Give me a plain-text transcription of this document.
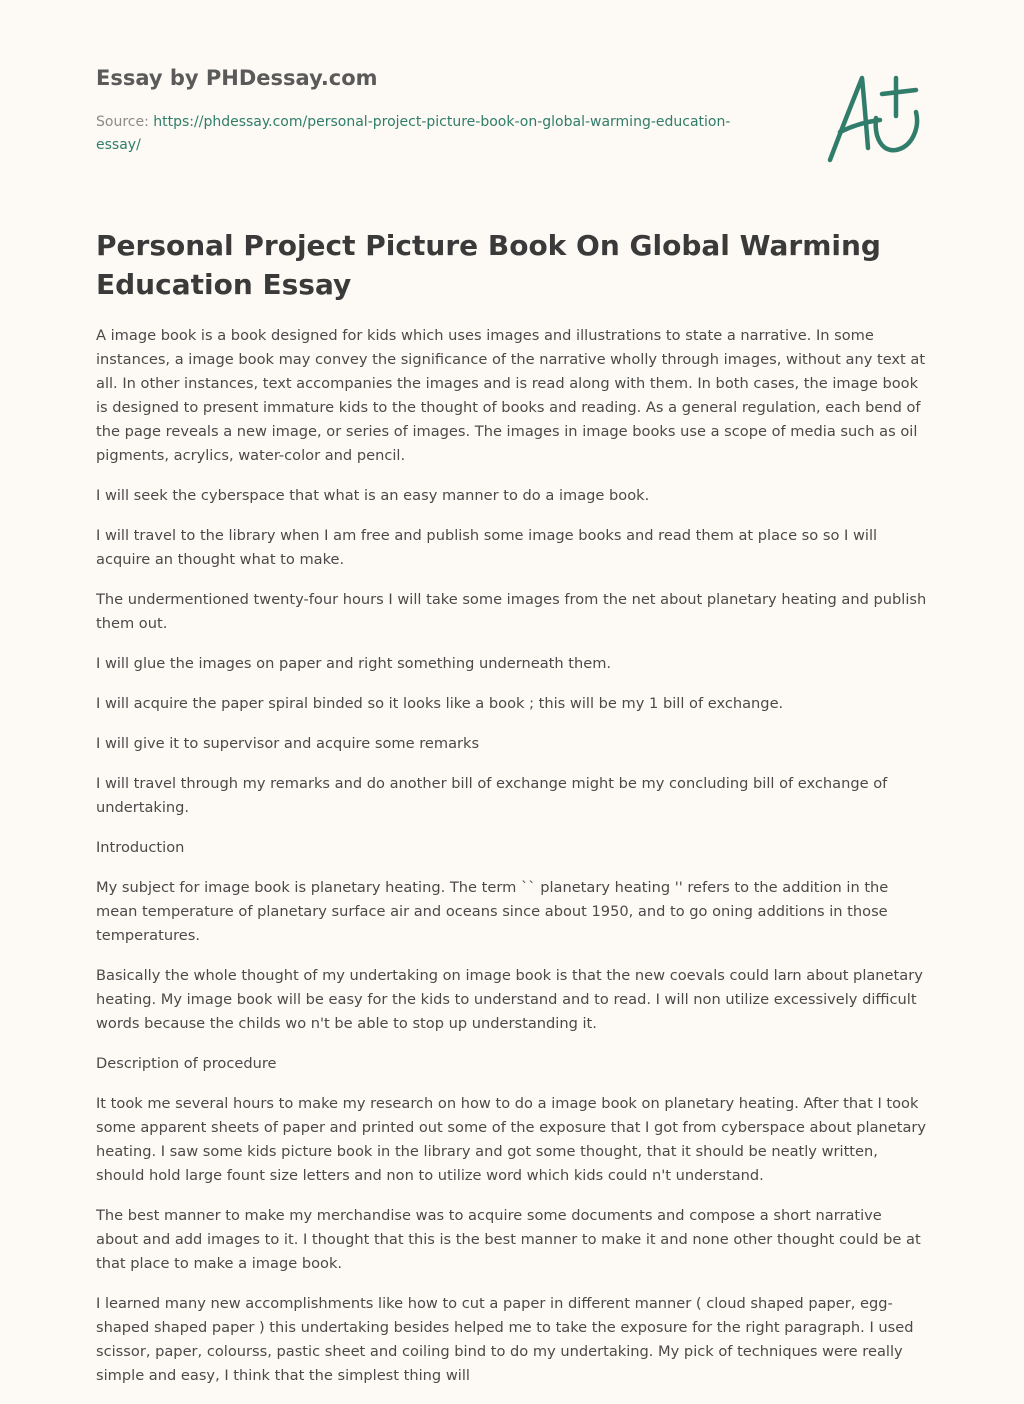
Essay by PHDessay.com
Source: https://phdessay.com/personal-project-picture-book-on-global-warming-education-essay/
Personal Project Picture Book On Global Warming Education Essay

A image book is a book designed for kids which uses images and illustrations to state a narrative. In some instances, a image book may convey the significance of the narrative wholly through images, without any text at all. In other instances, text accompanies the images and is read along with them. In both cases, the image book is designed to present immature kids to the thought of books and reading. As a general regulation, each bend of the page reveals a new image, or series of images. The images in image books use a scope of media such as oil pigments, acrylics, water-color and pencil.

I will seek the cyberspace that what is an easy manner to do a image book.

I will travel to the library when I am free and publish some image books and read them at place so so I will acquire an thought what to make.

The undermentioned twenty-four hours I will take some images from the net about planetary heating and publish them out.

I will glue the images on paper and right something underneath them.

I will acquire the paper spiral binded so it looks like a book ; this will be my 1 bill of exchange.

I will give it to supervisor and acquire some remarks

I will travel through my remarks and do another bill of exchange might be my concluding bill of exchange of undertaking.

Introduction

My subject for image book is planetary heating. The term `` planetary heating '' refers to the addition in the mean temperature of planetary surface air and oceans since about 1950, and to go oning additions in those temperatures.

Basically the whole thought of my undertaking on image book is that the new coevals could larn about planetary heating. My image book will be easy for the kids to understand and to read. I will non utilize excessively difficult words because the childs wo n't be able to stop up understanding it.

Description of procedure

It took me several hours to make my research on how to do a image book on planetary heating. After that I took some apparent sheets of paper and printed out some of the exposure that I got from cyberspace about planetary heating. I saw some kids picture book in the library and got some thought, that it should be neatly written, should hold large fount size letters and non to utilize word which kids could n't understand.

The best manner to make my merchandise was to acquire some documents and compose a short narrative about and add images to it. I thought that this is the best manner to make it and none other thought could be at that place to make a image book.

I learned many new accomplishments like how to cut a paper in different manner ( cloud shaped paper, egg-shaped shaped paper ) this undertaking besides helped me to take the exposure for the right paragraph. I used scissor, paper, colourss, pastic sheet and coiling bind to do my undertaking. My pick of techniques were really simple and easy, I think that the simplest thing will
